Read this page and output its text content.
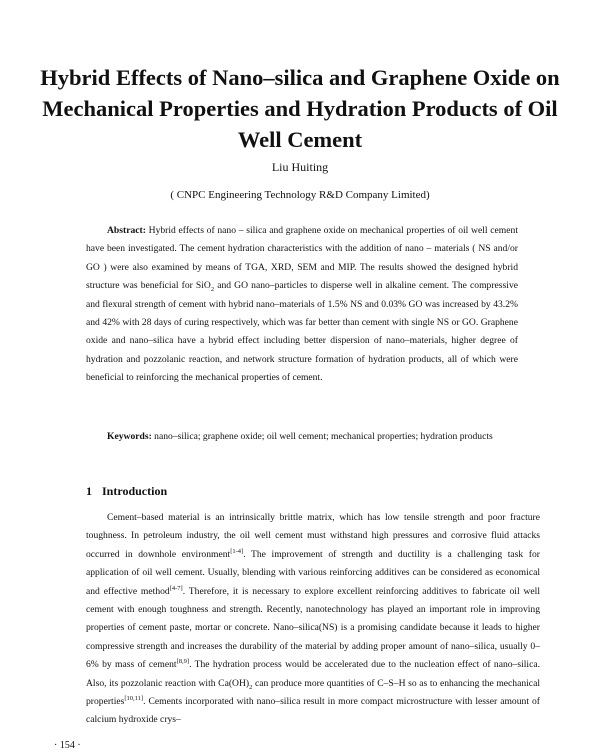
Hybrid Effects of Nano–silica and Graphene Oxide on Mechanical Properties and Hydration Products of Oil Well Cement
Liu Huiting
( CNPC Engineering Technology R&D Company Limited)
Abstract: Hybrid effects of nano – silica and graphene oxide on mechanical properties of oil well cement have been investigated. The cement hydration characteristics with the addition of nano – materials ( NS and/or GO ) were also examined by means of TGA, XRD, SEM and MIP. The results showed the designed hybrid structure was beneficial for SiO$_2$ and GO nano–particles to disperse well in alkaline cement. The compressive and flexural strength of cement with hybrid nano–materials of 1.5% NS and 0.03% GO was increased by 43.2% and 42% with 28 days of curing respectively, which was far better than cement with single NS or GO. Graphene oxide and nano–silica have a hybrid effect including better dispersion of nano–materials, higher degree of hydration and pozzolanic reaction, and network structure formation of hydration products, all of which were beneficial to reinforcing the mechanical properties of cement.
Keywords: nano–silica; graphene oxide; oil well cement; mechanical properties; hydration products
1 Introduction
Cement–based material is an intrinsically brittle matrix, which has low tensile strength and poor fracture toughness. In petroleum industry, the oil well cement must withstand high pressures and corrosive fluid attacks occurred in downhole environment[1-4]. The improvement of strength and ductility is a challenging task for application of oil well cement. Usually, blending with various reinforcing additives can be considered as economical and effective method[4-7]. Therefore, it is necessary to explore excellent reinforcing additives to fabricate oil well cement with enough toughness and strength. Recently, nanotechnology has played an important role in improving properties of cement paste, mortar or concrete. Nano–silica(NS) is a promising candidate because it leads to higher compressive strength and increases the durability of the material by adding proper amount of nano–silica, usually 0–6% by mass of cement[8,9]. The hydration process would be accelerated due to the nucleation effect of nano–silica. Also, its pozzolanic reaction with $Ca(OH)_2$ can produce more quantities of C–S–H so as to enhancing the mechanical properties[10,11]. Cements incorporated with nano–silica result in more compact microstructure with lesser amount of calcium hydroxide crys–
· 154 ·
